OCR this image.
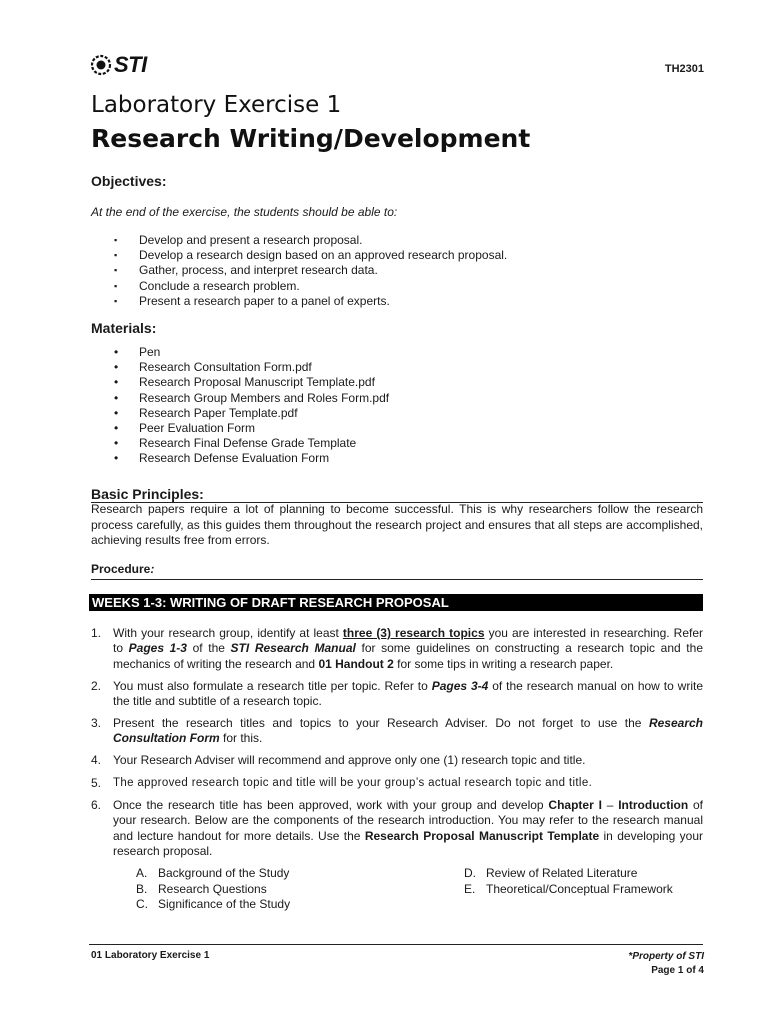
STI	TH2301
Laboratory Exercise 1
Research Writing/Development
Objectives:
At the end of the exercise, the students should be able to:
▪ Develop and present a research proposal.
▪ Develop a research design based on an approved research proposal.
▪ Gather, process, and interpret research data.
▪ Conclude a research problem.
▪ Present a research paper to a panel of experts.
Materials:
• Pen
• Research Consultation Form.pdf
• Research Proposal Manuscript Template.pdf
• Research Group Members and Roles Form.pdf
• Research Paper Template.pdf
• Peer Evaluation Form
• Research Final Defense Grade Template
• Research Defense Evaluation Form
Basic Principles:
Research papers require a lot of planning to become successful. This is why researchers follow the research process carefully, as this guides them throughout the research project and ensures that all steps are accomplished, achieving results free from errors.
Procedure:
WEEKS 1-3: WRITING OF DRAFT RESEARCH PROPOSAL
1. With your research group, identify at least three (3) research topics you are interested in researching. Refer to Pages 1-3 of the STI Research Manual for some guidelines on constructing a research topic and the mechanics of writing the research and 01 Handout 2 for some tips in writing a research paper.
2. You must also formulate a research title per topic. Refer to Pages 3-4 of the research manual on how to write the title and subtitle of a research topic.
3. Present the research titles and topics to your Research Adviser. Do not forget to use the Research Consultation Form for this.
4. Your Research Adviser will recommend and approve only one (1) research topic and title.
5. The approved research topic and title will be your group’s actual research topic and title.
6. Once the research title has been approved, work with your group and develop Chapter I – Introduction of your research. Below are the components of the research introduction. You may refer to the research manual and lecture handout for more details. Use the Research Proposal Manuscript Template in developing your research proposal.
A. Background of the Study
B. Research Questions
C. Significance of the Study
D. Review of Related Literature
E. Theoretical/Conceptual Framework
01 Laboratory Exercise 1	*Property of STI
Page 1 of 4
